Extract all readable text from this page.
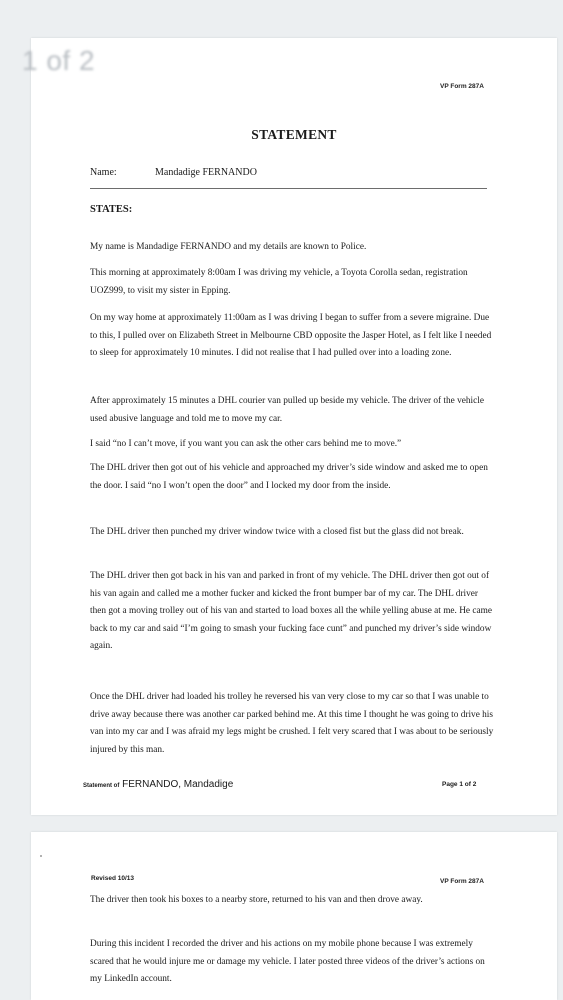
VP Form 287A
STATEMENT
Name:	Mandadige FERNANDO
STATES:

My name is Mandadige FERNANDO and my details are known to Police.

This morning at approximately 8:00am I was driving my vehicle, a Toyota Corolla sedan, registration UOZ999, to visit my sister in Epping.

On my way home at approximately 11:00am as I was driving I began to suffer from a severe migraine. Due to this, I pulled over on Elizabeth Street in Melbourne CBD opposite the Jasper Hotel, as I felt like I needed to sleep for approximately 10 minutes. I did not realise that I had pulled over into a loading zone.

After approximately 15 minutes a DHL courier van pulled up beside my vehicle. The driver of the vehicle used abusive language and told me to move my car.

I said “no I can’t move, if you want you can ask the other cars behind me to move.”

The DHL driver then got out of his vehicle and approached my driver’s side window and asked me to open the door. I said “no I won’t open the door” and I locked my door from the inside.

The DHL driver then punched my driver window twice with a closed fist but the glass did not break.

The DHL driver then got back in his van and parked in front of my vehicle. The DHL driver then got out of his van again and called me a mother fucker and kicked the front bumper bar of my car. The DHL driver then got a moving trolley out of his van and started to load boxes all the while yelling abuse at me. He came back to my car and said “I’m going to smash your fucking face cunt” and punched my driver’s side window again.

Once the DHL driver had loaded his trolley he reversed his van very close to my car so that I was unable to drive away because there was another car parked behind me. At this time I thought he was going to drive his van into my car and I was afraid my legs might be crushed. I felt very scared that I was about to be seriously injured by this man.

Statement of FERNANDO, Mandadige	Page 1 of 2
Revised 10/13	VP Form 287A

The driver then took his boxes to a nearby store, returned to his van and then drove away.

During this incident I recorded the driver and his actions on my mobile phone because I was extremely scared that he would injure me or damage my vehicle. I later posted three videos of the driver’s actions on my LinkedIn account.

1 of 2
